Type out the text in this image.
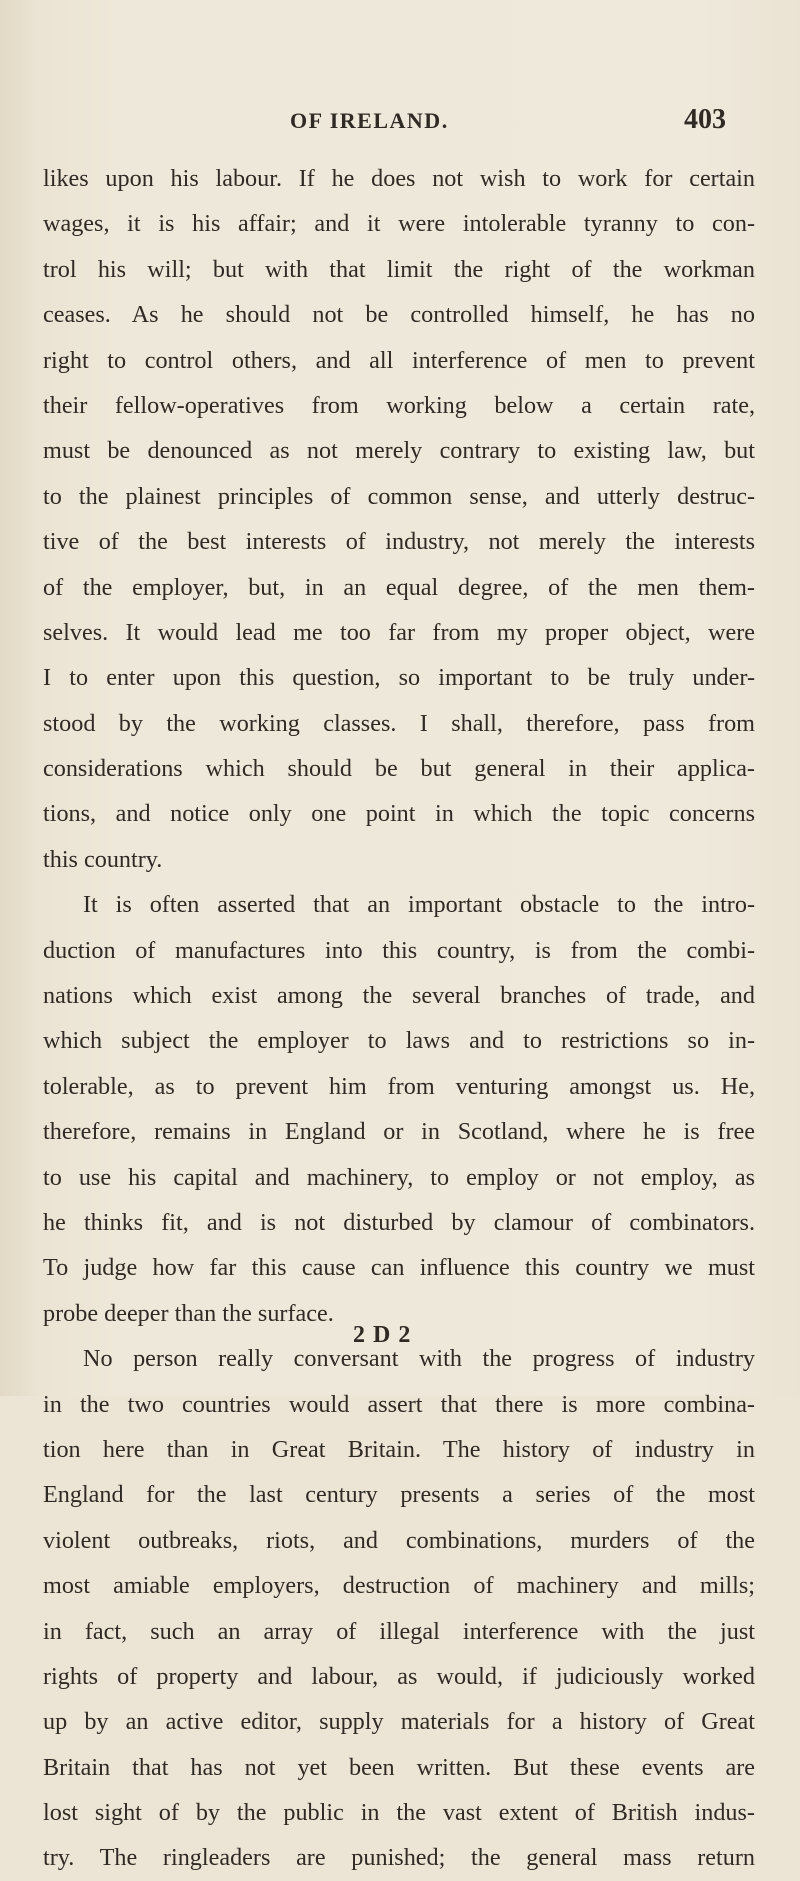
OF IRELAND.	403
likes upon his labour. If he does not wish to work for certain
wages, it is his affair; and it were intolerable tyranny to con-
trol his will; but with that limit the right of the workman
ceases. As he should not be controlled himself, he has no
right to control others, and all interference of men to prevent
their fellow-operatives from working below a certain rate,
must be denounced as not merely contrary to existing law, but
to the plainest principles of common sense, and utterly destruc-
tive of the best interests of industry, not merely the interests
of the employer, but, in an equal degree, of the men them-
selves. It would lead me too far from my proper object, were
I to enter upon this question, so important to be truly under-
stood by the working classes. I shall, therefore, pass from
considerations which should be but general in their applica-
tions, and notice only one point in which the topic concerns
this country.
It is often asserted that an important obstacle to the intro-
duction of manufactures into this country, is from the combi-
nations which exist among the several branches of trade, and
which subject the employer to laws and to restrictions so in-
tolerable, as to prevent him from venturing amongst us. He,
therefore, remains in England or in Scotland, where he is free
to use his capital and machinery, to employ or not employ, as
he thinks fit, and is not disturbed by clamour of combinators.
To judge how far this cause can influence this country we must
probe deeper than the surface.
No person really conversant with the progress of industry
in the two countries would assert that there is more combina-
tion here than in Great Britain. The history of industry in
England for the last century presents a series of the most
violent outbreaks, riots, and combinations, murders of the
most amiable employers, destruction of machinery and mills;
in fact, such an array of illegal interference with the just
rights of property and labour, as would, if judiciously worked
up by an active editor, supply materials for a history of Great
Britain that has not yet been written. But these events are
lost sight of by the public in the vast extent of British indus-
try. The ringleaders are punished; the general mass return
2 D 2
